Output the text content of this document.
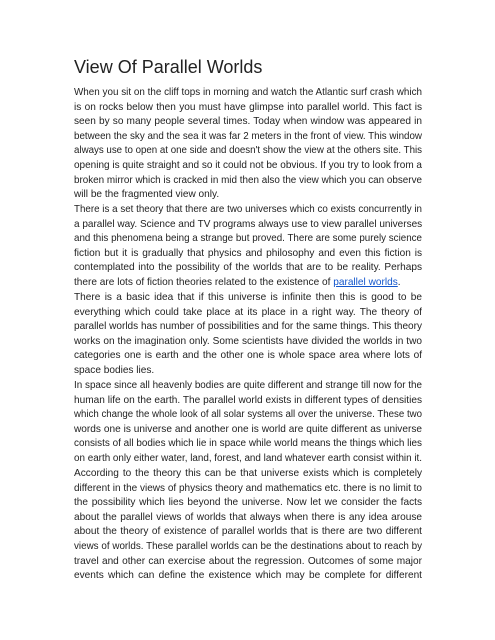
View Of Parallel Worlds

When you sit on the cliff tops in morning and watch the Atlantic surf crash which
is on rocks below then you must have glimpse into parallel world. This fact is
seen by so many people several times. Today when window was appeared in
between the sky and the sea it was far 2 meters in the front of view. This window
always use to open at one side and doesn't show the view at the others site. This
opening is quite straight and so it could not be obvious. If you try to look from a
broken mirror which is cracked in mid then also the view which you can observe
will be the fragmented view only.

There is a set theory that there are two universes which co exists concurrently in
a parallel way. Science and TV programs always use to view parallel universes
and this phenomena being a strange but proved. There are some purely science
fiction but it is gradually that physics and philosophy and even this fiction is
contemplated into the possibility of the worlds that are to be reality. Perhaps
there are lots of fiction theories related to the existence of parallel worlds.

There is a basic idea that if this universe is infinite then this is good to be
everything which could take place at its place in a right way. The theory of
parallel worlds has number of possibilities and for the same things. This theory
works on the imagination only. Some scientists have divided the worlds in two
categories one is earth and the other one is whole space area where lots of
space bodies lies.

In space since all heavenly bodies are quite different and strange till now for the
human life on the earth. The parallel world exists in different types of densities
which change the whole look of all solar systems all over the universe. These two
words one is universe and another one is world are quite different as universe
consists of all bodies which lie in space while world means the things which lies
on earth only either water, land, forest, and land whatever earth consist within it.

According to the theory this can be that universe exists which is completely
different in the views of physics theory and mathematics etc. there is no limit to
the possibility which lies beyond the universe. Now let we consider the facts
about the parallel views of worlds that always when there is any idea arouse
about the theory of existence of parallel worlds that is there are two different
views of worlds. These parallel worlds can be the destinations about to reach by
travel and other can exercise about the regression. Outcomes of some major
events which can define the existence which may be complete for different
